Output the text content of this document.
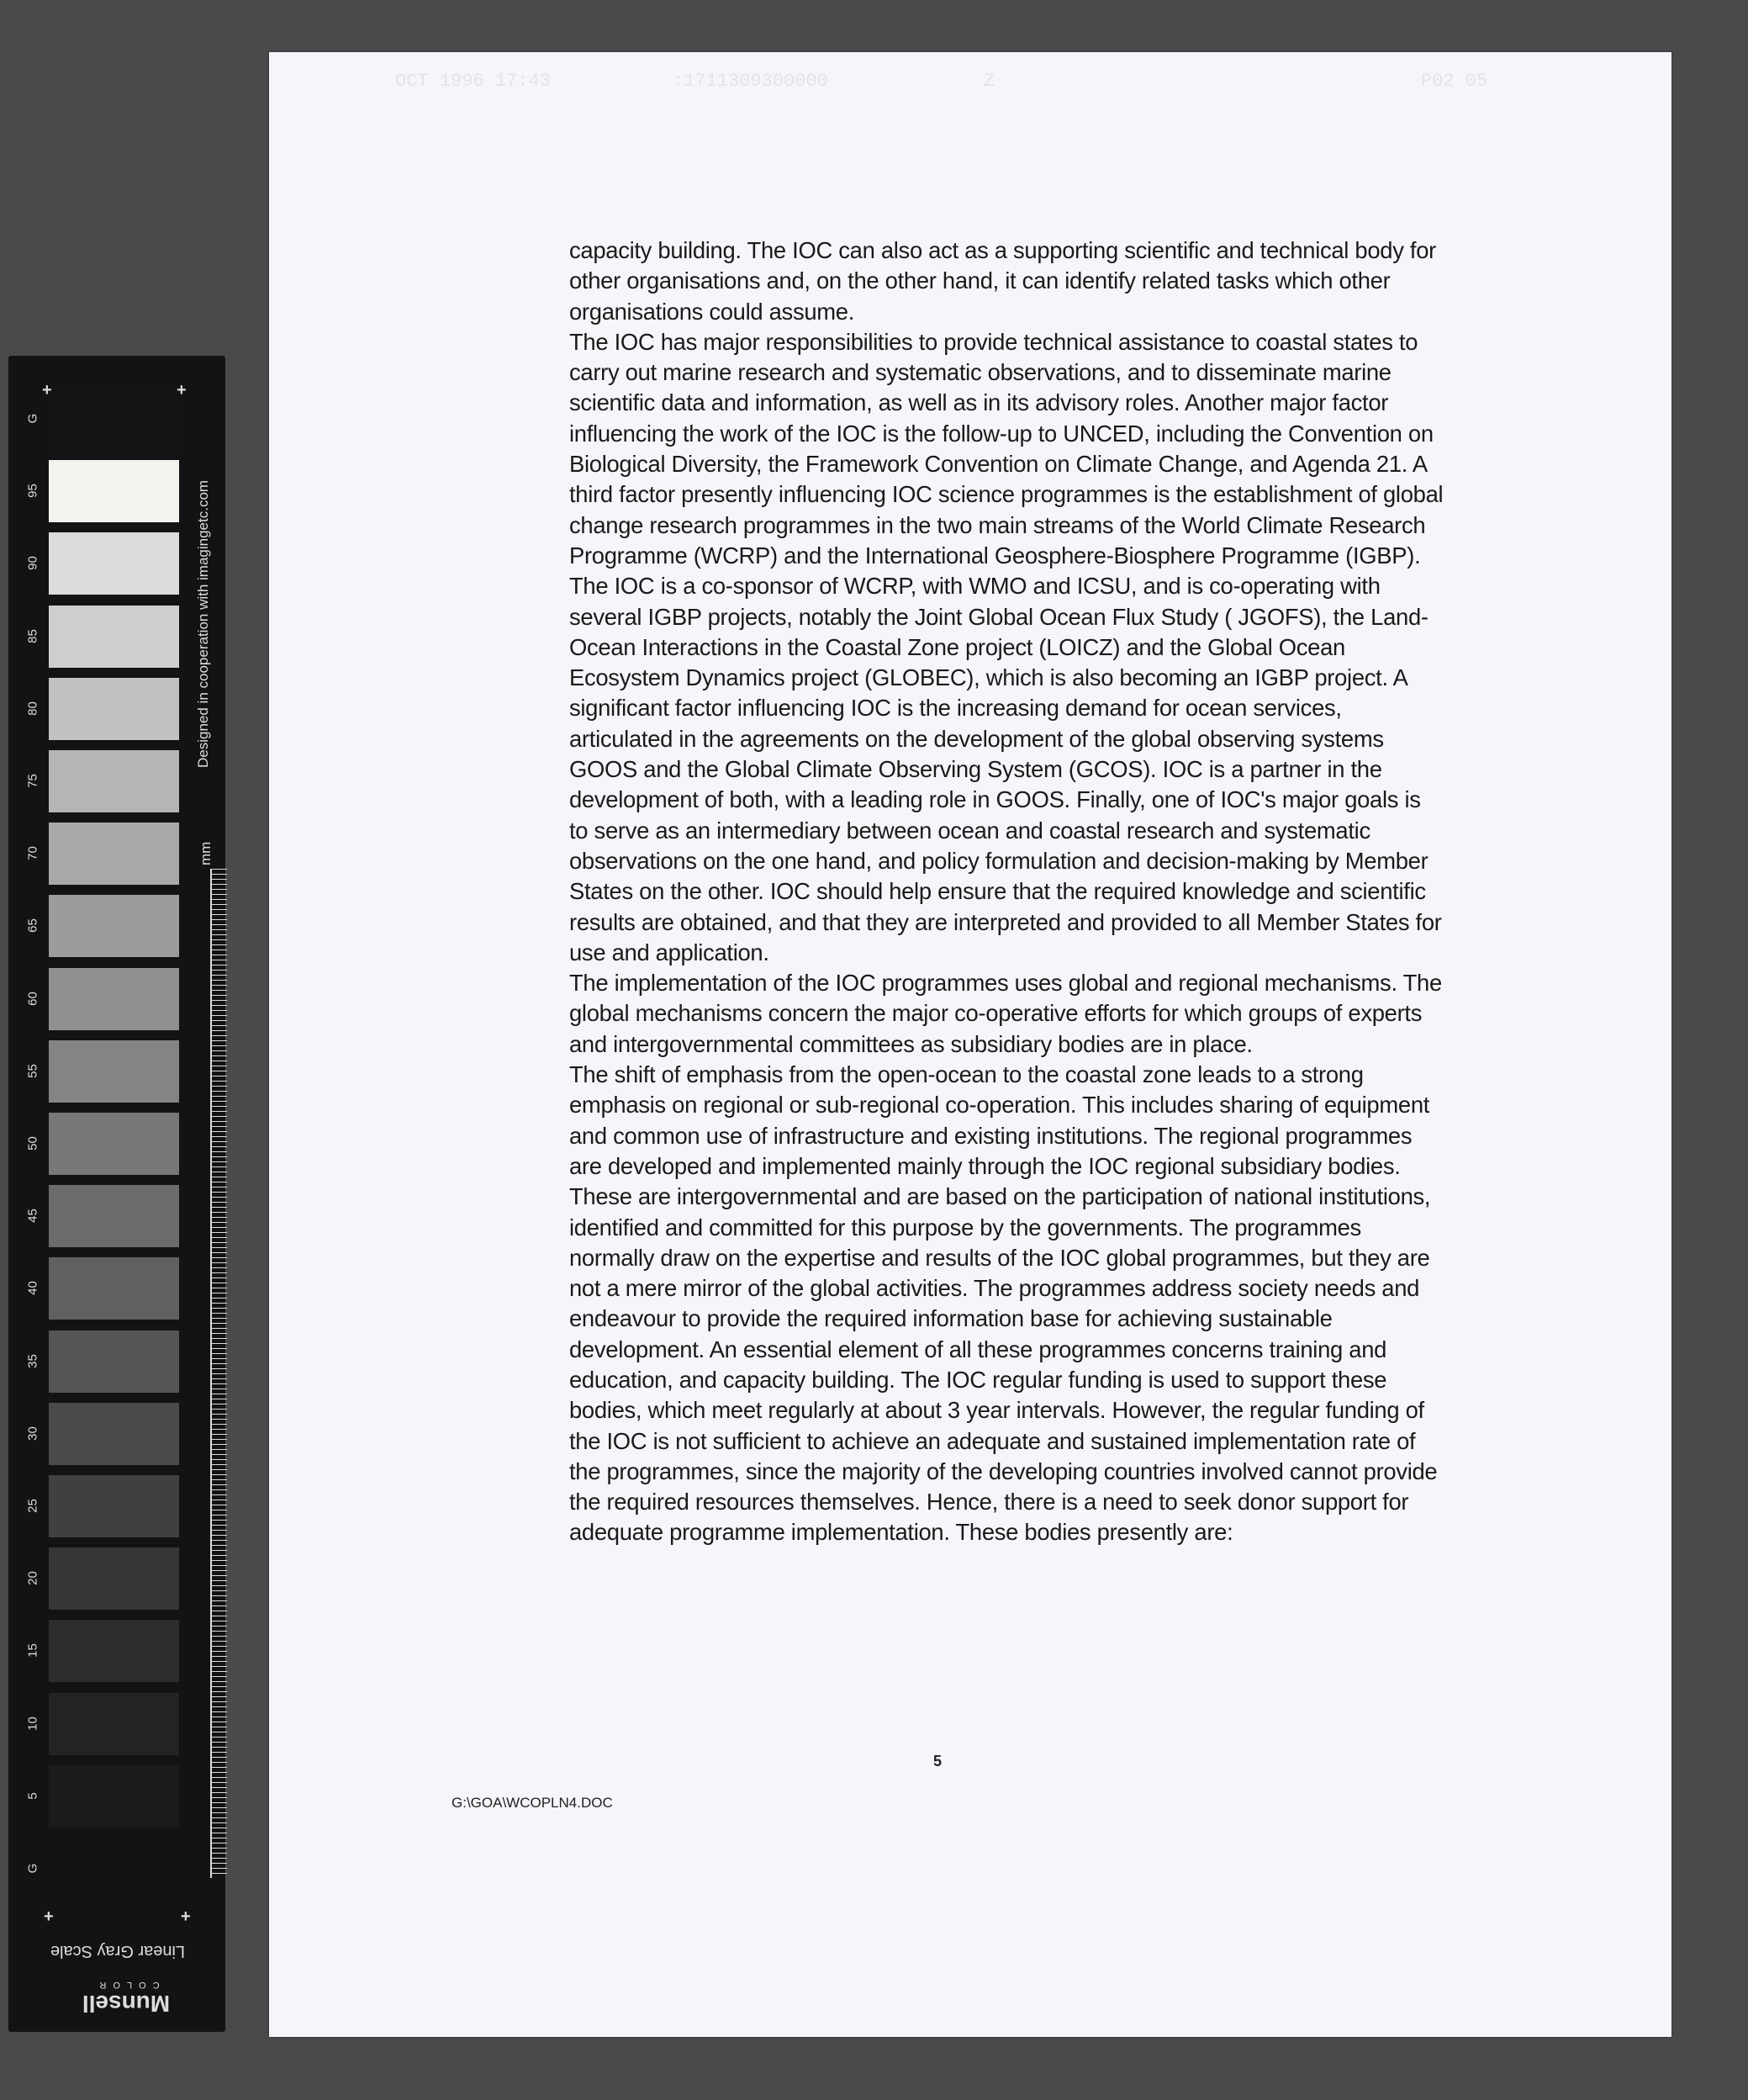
G
95
90
85
80
75
70
65
60
55
50
45
40
35
30
25
20
15
10
5
G
+	+
+	+
Designed in cooperation with imagingetc.com
mm
Linear Gray Scale
Munsell
COLOR
OCT 1996 17:43	:1711309300000	Z	P02 05

capacity building. The IOC can also act as a supporting scientific and technical body for other organisations and, on the other hand, it can identify related tasks which other organisations could assume.

The IOC has major responsibilities to provide technical assistance to coastal states to carry out marine research and systematic observations, and to disseminate marine scientific data and information, as well as in its advisory roles. Another major factor influencing the work of the IOC is the follow-up to UNCED, including the Convention on Biological Diversity, the Framework Convention on Climate Change, and Agenda 21. A third factor presently influencing IOC science programmes is the establishment of global change research programmes in the two main streams of the World Climate Research Programme (WCRP) and the International Geosphere-Biosphere Programme (IGBP). The IOC is a co-sponsor of WCRP, with WMO and ICSU, and is co-operating with several IGBP projects, notably the Joint Global Ocean Flux Study ( JGOFS), the Land-Ocean Interactions in the Coastal Zone project (LOICZ) and the Global Ocean Ecosystem Dynamics project (GLOBEC), which is also becoming an IGBP project. A significant factor influencing IOC is the increasing demand for ocean services, articulated in the agreements on the development of the global observing systems GOOS and the Global Climate Observing System (GCOS). IOC is a partner in the development of both, with a leading role in GOOS. Finally, one of IOC's major goals is to serve as an intermediary between ocean and coastal research and systematic observations on the one hand, and policy formulation and decision-making by Member States on the other. IOC should help ensure that the required knowledge and scientific results are obtained, and that they are interpreted and provided to all Member States for use and application.

The implementation of the IOC programmes uses global and regional mechanisms. The global mechanisms concern the major co-operative efforts for which groups of experts and intergovernmental committees as subsidiary bodies are in place.

The shift of emphasis from the open-ocean to the coastal zone leads to a strong emphasis on regional or sub-regional co-operation. This includes sharing of equipment and common use of infrastructure and existing institutions. The regional programmes are developed and implemented mainly through the IOC regional subsidiary bodies. These are intergovernmental and are based on the participation of national institutions, identified and committed for this purpose by the governments. The programmes normally draw on the expertise and results of the IOC global programmes, but they are not a mere mirror of the global activities. The programmes address society needs and endeavour to provide the required information base for achieving sustainable development. An essential element of all these programmes concerns training and education, and capacity building. The IOC regular funding is used to support these bodies, which meet regularly at about 3 year intervals. However, the regular funding of the IOC is not sufficient to achieve an adequate and sustained implementation rate of the programmes, since the majority of the developing countries involved cannot provide the required resources themselves. Hence, there is a need to seek donor support for adequate programme implementation. These bodies presently are:

5
G:\GOA\WCOPLN4.DOC
